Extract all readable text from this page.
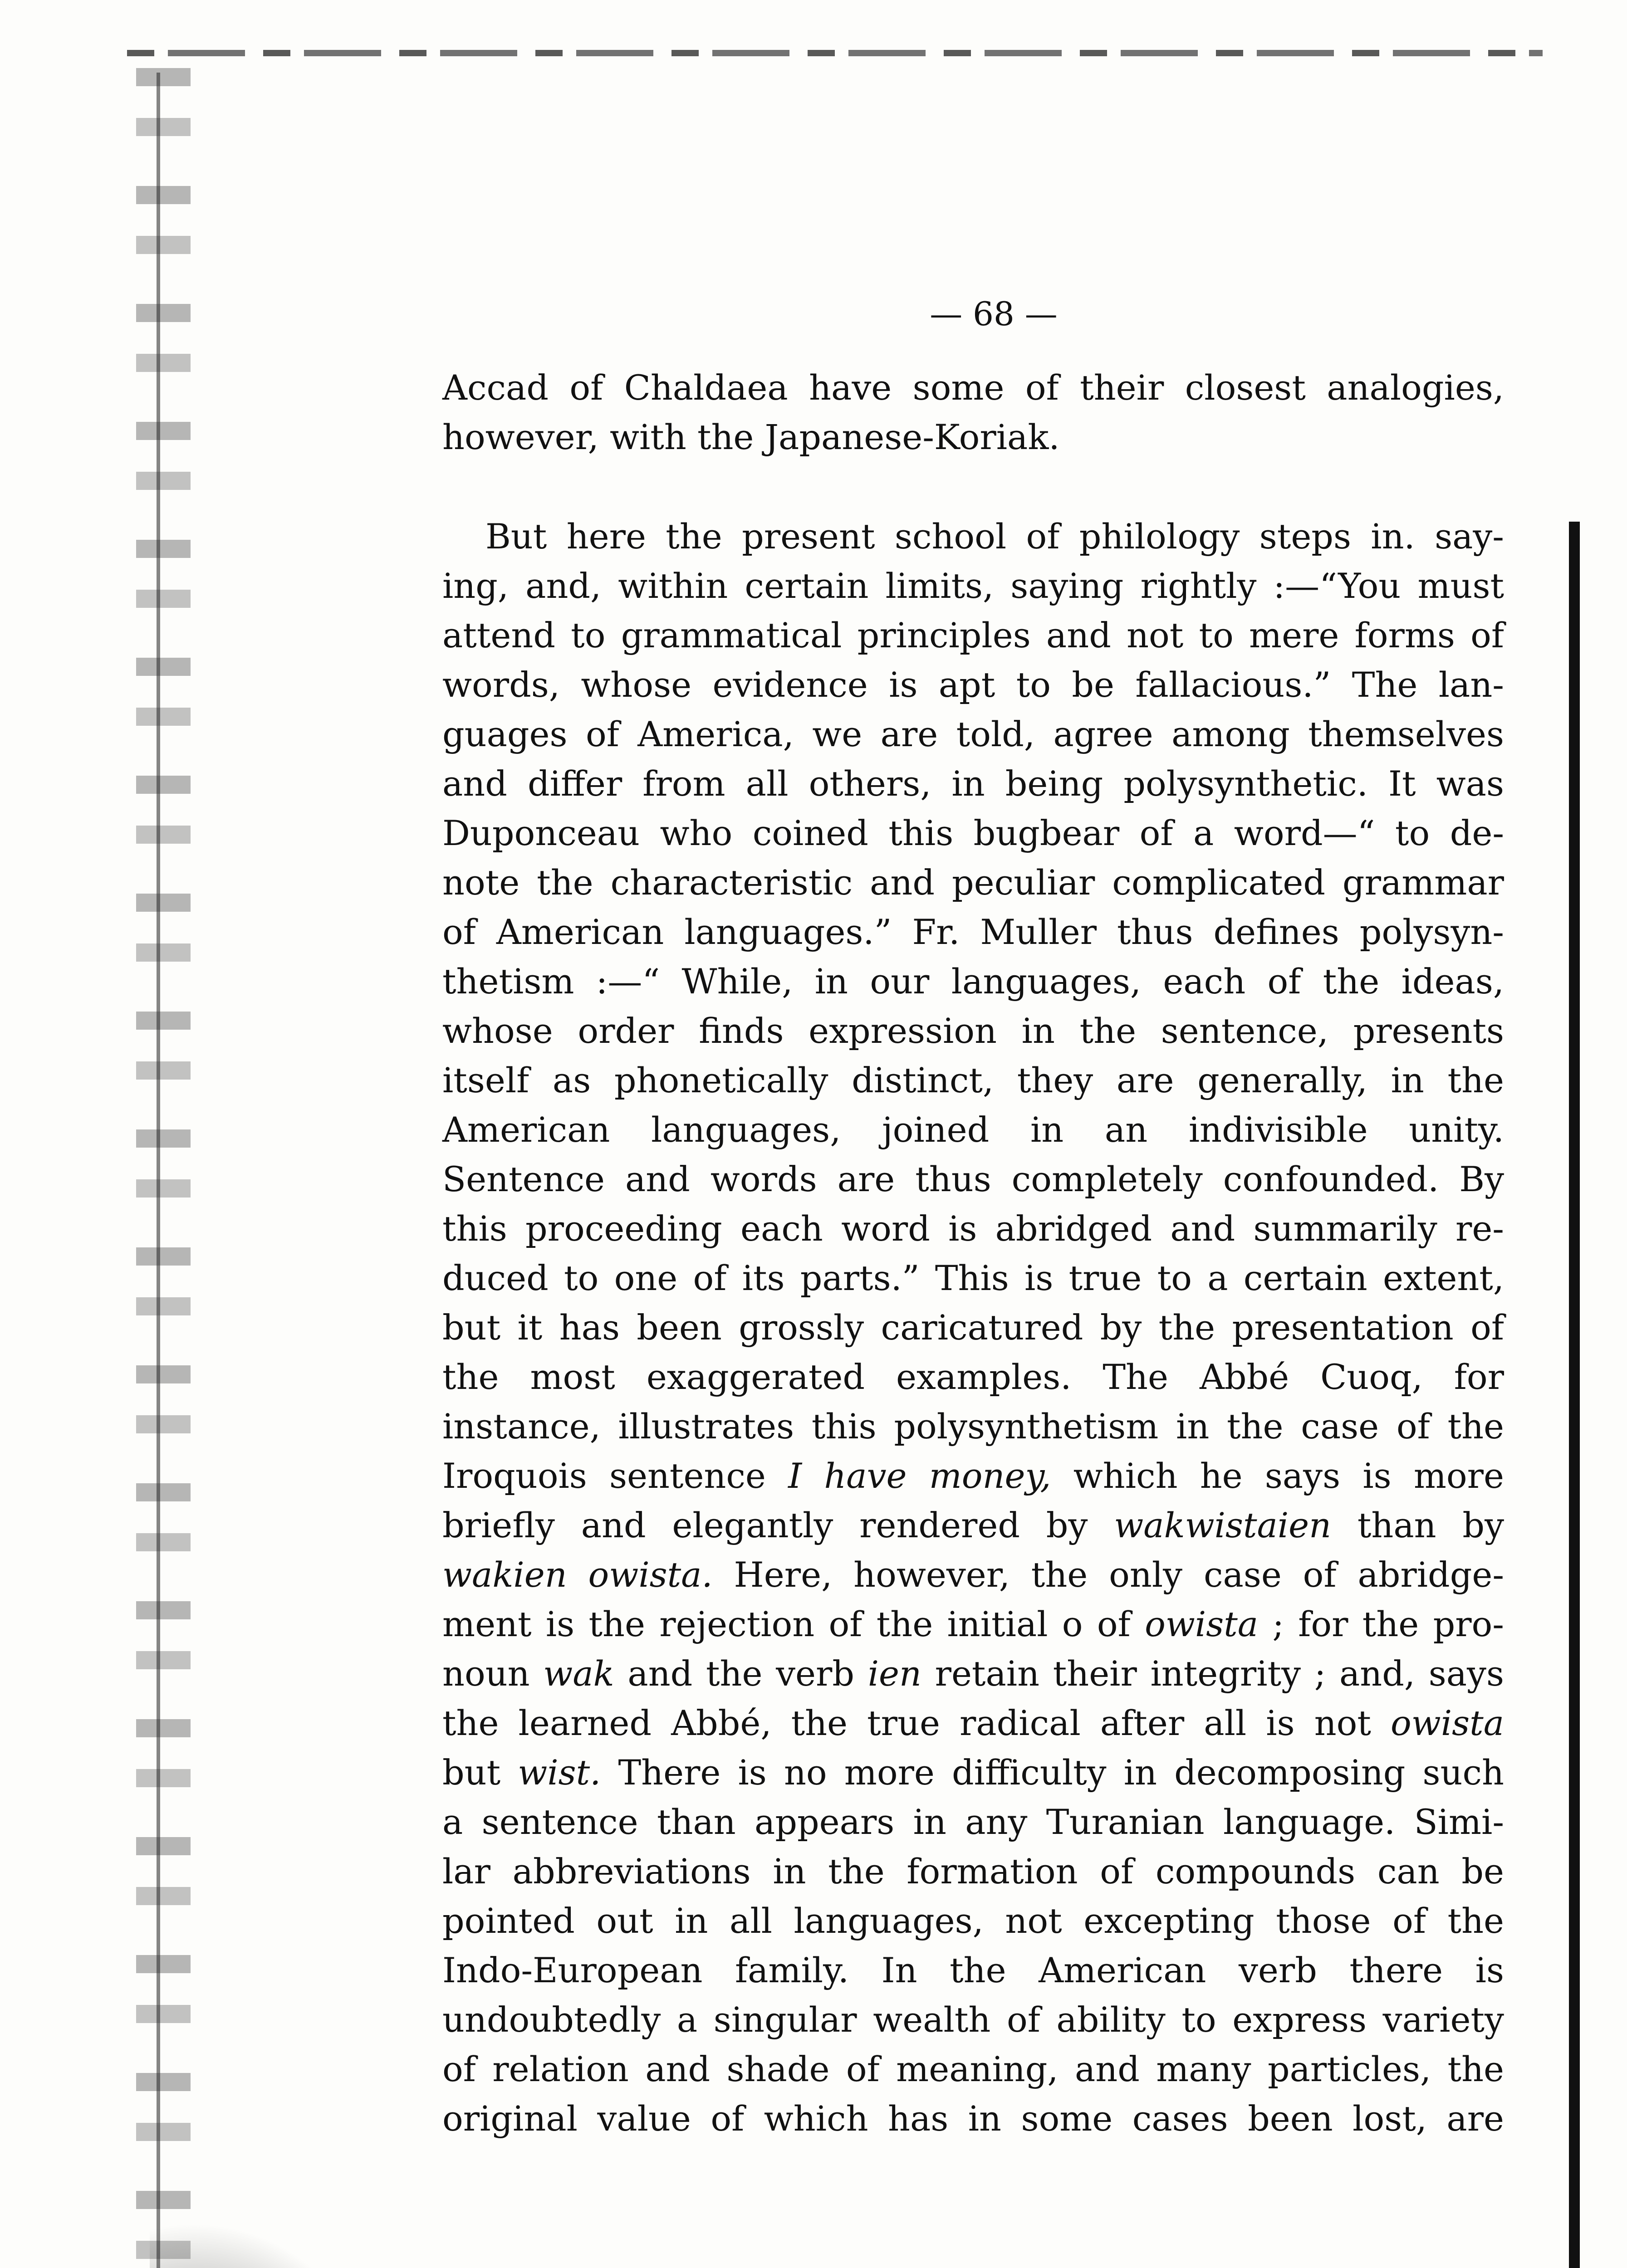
— 68 —
Accad of Chaldaea have some of their closest analogies,
however, with the Japanese-Koriak.
But here the present school of philology steps in. say-
ing, and, within certain limits, saying rightly :—“You must
attend to grammatical principles and not to mere forms of
words, whose evidence is apt to be fallacious.” The lan-
guages of America, we are told, agree among themselves
and differ from all others, in being polysynthetic. It was
Duponceau who coined this bugbear of a word—“ to de-
note the characteristic and peculiar complicated grammar
of American languages.” Fr. Muller thus defines polysyn-
thetism :—“ While, in our languages, each of the ideas,
whose order finds expression in the sentence, presents
itself as phonetically distinct, they are generally, in the
American languages, joined in an indivisible unity.
Sentence and words are thus completely confounded. By
this proceeding each word is abridged and summarily re-
duced to one of its parts.” This is true to a certain extent,
but it has been grossly caricatured by the presentation of
the most exaggerated examples. The Abbé Cuoq, for
instance, illustrates this polysynthetism in the case of the
Iroquois sentence I have money, which he says is more
briefly and elegantly rendered by wakwistaien than by
wakien owista. Here, however, the only case of abridge-
ment is the rejection of the initial o of owista ; for the pro-
noun wak and the verb ien retain their integrity ; and, says
the learned Abbé, the true radical after all is not owista
but wist. There is no more difficulty in decomposing such
a sentence than appears in any Turanian language. Simi-
lar abbreviations in the formation of compounds can be
pointed out in all languages, not excepting those of the
Indo-European family. In the American verb there is
undoubtedly a singular wealth of ability to express variety
of relation and shade of meaning, and many particles, the
original value of which has in some cases been lost, are
